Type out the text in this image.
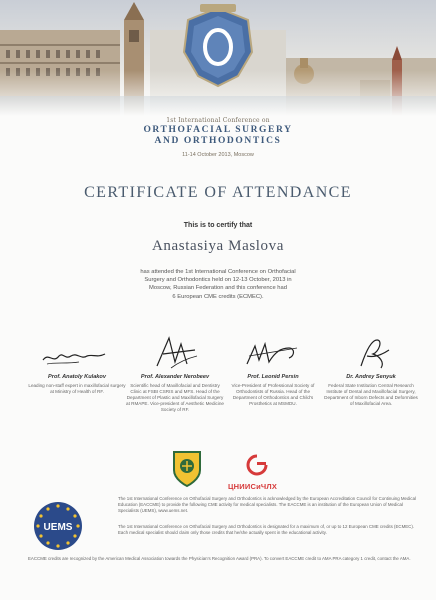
1st International Conference on
ORTHOFACIAL SURGERY
AND ORTHODONTICS
11-14 October 2013, Moscow
CERTIFICATE OF ATTENDANCE
This is to certify that
Anastasiya Maslova
has attended the 1st International Conference on Orthofacial
Surgery and Orthodontics held on 12-13 October, 2013 in
Moscow, Russian Federation and this conference had
6 European CME credits (ECMEC).
Prof. Anatoly Kulakov
Leading non-staff expert in maxillofacial surgery at Ministry of Health of RF.
Prof. Alexander Nerobeev
Scientific head of Maxillofacial and Dentistry Clinic at FSBI CSRIS and MFS. Head of the Department of Plastic and Maxillofacial Surgery at RMAPE. Vice-president of Aesthetic Medicine Society of RF.
Prof. Leonid Persin
Vice-President of Professional Society of Orthodontists of Russia. Head of the Department of Orthodontics and Child's Prosthetics at MSMDU.
Dr. Andrey Senyuk
Federal State Institution Central Research Institute of Dental and Maxillofacial Surgery, Department of Inborn Defects and Deformities of Maxillofacial Area.
ЦНИИСиЧЛХ
UEMS
The 1st International Conference on Orthofacial Surgery and Orthodontics is acknowledged by the European Accreditation Council for Continuing Medical Education (EACCME) to provide the following CME activity for medical specialists. The EACCME is an institution of the European Union of Medical Specialists (UEMS), www.uems.net.
The 1st International Conference on Orthofacial Surgery and Orthodontics is designated for a maximum of, or up to 12 European CME credits (ECMEC). Each medical specialist should claim only those credits that he/she actually spent in the educational activity.
EACCME credits are recognized by the American Medical Association towards the Physician's Recognition Award (PRA). To convert EACCME credit to AMA PRA category 1 credit, contact the AMA.
